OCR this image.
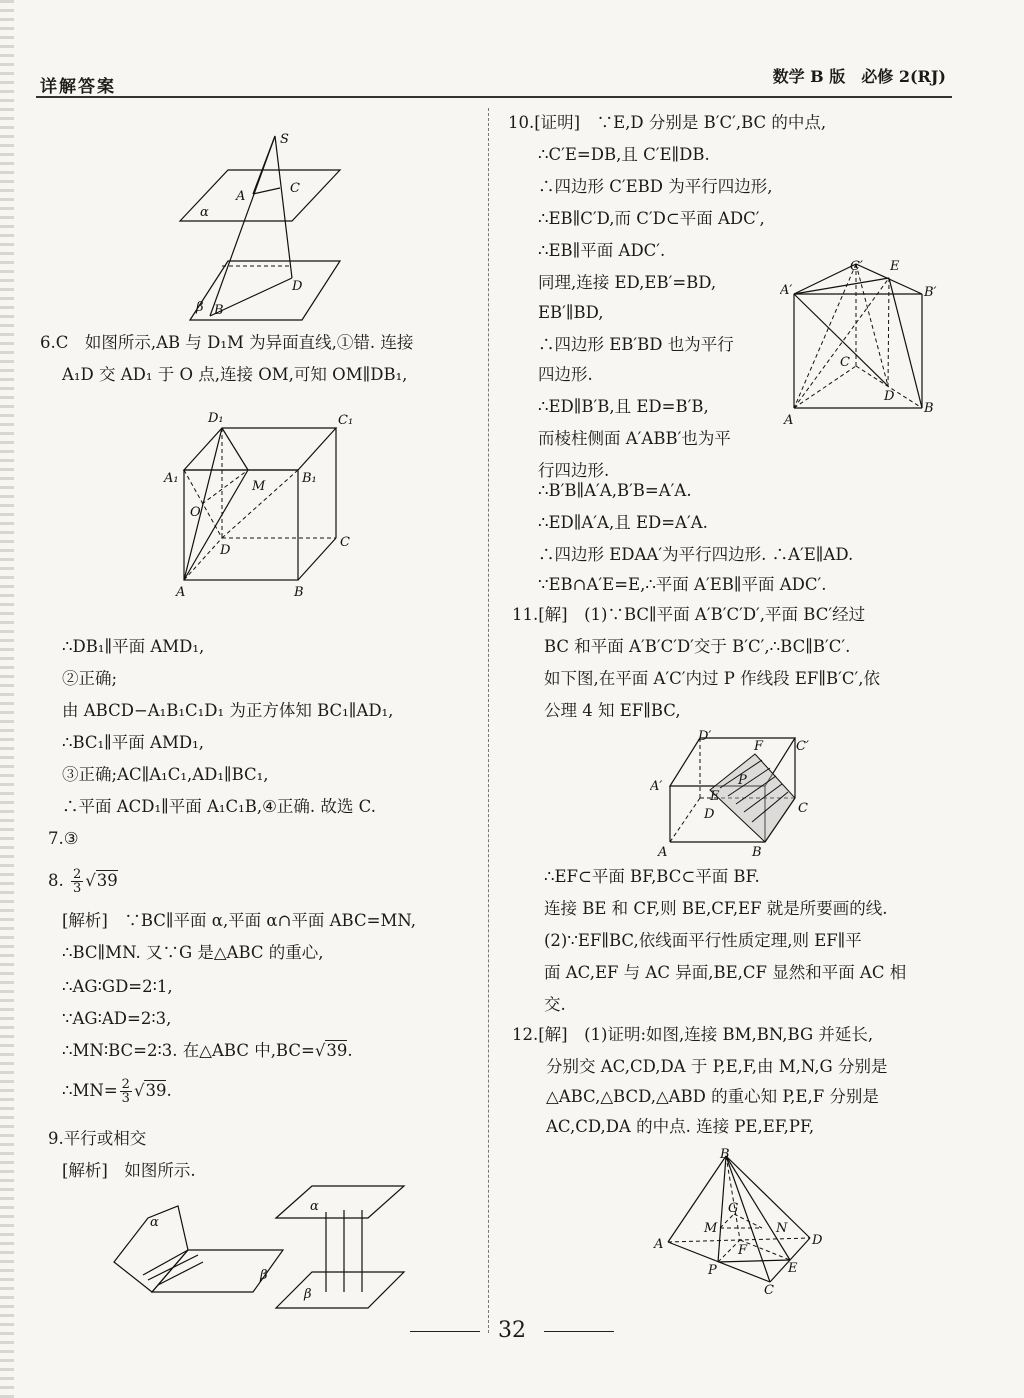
详解答案
数学 B 版　必修 2(RJ)
S
A
C
α
β B
D
6.C　如图所示,AB 与 D₁M 为异面直线,①错. 连接
A₁D 交 AD₁ 于 O 点,连接 OM,可知 OM∥DB₁,
D₁	C₁
A₁	B₁
M
O
D
C
A	B
∴DB₁∥平面 AMD₁,
②正确;
由 ABCD−A₁B₁C₁D₁ 为正方体知 BC₁∥AD₁,
∴BC₁∥平面 AMD₁,
③正确;AC∥A₁C₁,AD₁∥BC₁,
∴平面 ACD₁∥平面 A₁C₁B,④正确. 故选 C.
7.③
8. $\frac{2}{3} √39$
[解析]　∵BC∥平面 α,平面 α∩平面 ABC=MN,
∴BC∥MN. 又∵G 是△ABC 的重心,
∴AG∶GD=2∶1,
∵AG∶AD=2∶3,
∴MN∶BC=2∶3. 在△ABC 中,BC=√39.
∴MN= $\frac{2}{3} √39$.
9.平行或相交
[解析]　如图所示.
α
β
α
β
10.[证明]　∵E,D 分别是 B′C′,BC 的中点,
∴C′E=DB,且 C′E∥DB.
∴四边形 C′EBD 为平行四边形,
∴EB∥C′D,而 C′D⊂平面 ADC′,
∴EB∥平面 ADC′.
同理,连接 ED,EB′=BD,
EB′∥BD,
∴四边形 EB′BD 也为平行
四边形.
∴ED∥B′B,且 ED=B′B,
而棱柱侧面 A′ABB′也为平
行四边形.
C′ E
A′	B′
C
D
A
B
∴B′B∥A′A,B′B=A′A.
∴ED∥A′A,且 ED=A′A.
∴四边形 EDAA′为平行四边形. ∴A′E∥AD.
∵EB∩A′E=E,∴平面 A′EB∥平面 ADC′.
11.[解]　(1)∵BC∥平面 A′B′C′D′,平面 BC′经过
BC 和平面 A′B′C′D′交于 B′C′,∴BC∥B′C′.
如下图,在平面 A′C′内过 P 作线段 EF∥B′C′,依
公理 4 知 EF∥BC,
D′
F	C′
A′	P
E
D	C
A	B
∴EF⊂平面 BF,BC⊂平面 BF.
连接 BE 和 CF,则 BE,CF,EF 就是所要画的线.
(2)∵EF∥BC,依线面平行性质定理,则 EF∥平
面 AC,EF 与 AC 异面,BE,CF 显然和平面 AC 相
交.
12.[解]　(1)证明:如图,连接 BM,BN,BG 并延长,
分别交 AC,CD,DA 于 P,E,F,由 M,N,G 分别是
△ABC,△BCD,△ABD 的重心知 P,E,F 分别是
AC,CD,DA 的中点. 连接 PE,EF,PF,
B
G
M	N
A	D
F
P	E
C
32
